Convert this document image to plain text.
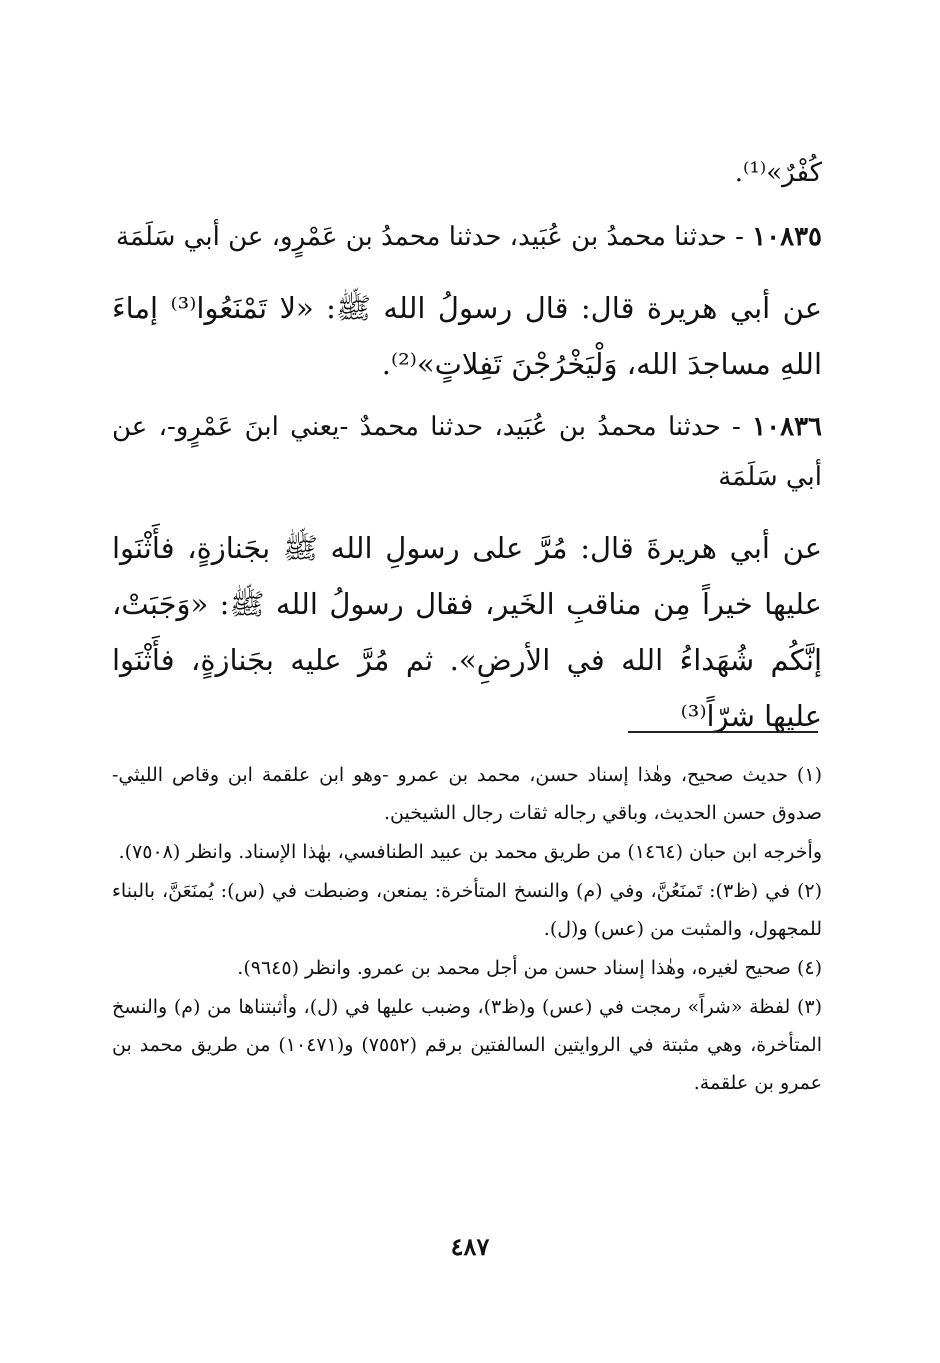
كُفْرٌ»⁽¹⁾.

١٠٨٣٥ - حدثنا محمدُ بن عُبَيد، حدثنا محمدُ بن عَمْرٍو، عن أبي سَلَمَة

عن أبي هريرة قال: قال رسولُ الله ﷺ: «لا تَمْنَعُوا⁽³⁾ إماءَ اللهِ مساجدَ الله، وَلْيَخْرُجْنَ تَفِلاتٍ»⁽²⁾.

١٠٨٣٦ - حدثنا محمدُ بن عُبَيد، حدثنا محمدٌ -يعني ابنَ عَمْرٍو-، عن أبي سَلَمَة

عن أبي هريرةَ قال: مُرَّ على رسولِ الله ﷺ بجَنازةٍ، فأَثْنَوا عليها خيراً مِن مناقبِ الخَير، فقال رسولُ الله ﷺ: «وَجَبَتْ، إنَّكُم شُهَداءُ الله في الأرضِ». ثم مُرَّ عليه بجَنازةٍ، فأَثْنَوا عليها شرّاً⁽³⁾

(١) حديث صحيح، وهٰذا إسناد حسن، محمد بن عمرو -وهو ابن علقمة ابن وقاص الليثي- صدوق حسن الحديث، وباقي رجاله ثقات رجال الشيخين.

وأخرجه ابن حبان (١٤٦٤) من طريق محمد بن عبيد الطنافسي، بهٰذا الإسناد. وانظر (٧٥٠٨).

(٢) في (ظ٣): تَمنَعُنَّ، وفي (م) والنسخ المتأخرة: يمنعن، وضبطت في (س): يُمنَعَنَّ، بالبناء للمجهول، والمثبت من (عس) و(ل).

(٤) صحيح لغيره، وهٰذا إسناد حسن من أجل محمد بن عمرو. وانظر (٩٦٤٥).

(٣) لفظة «شراً» رمجت في (عس) و(ظ٣)، وضبب عليها في (ل)، وأثبتناها من (م) والنسخ المتأخرة، وهي مثبتة في الروايتين السالفتين برقم (٧٥٥٢) و(١٠٤٧١) من طريق محمد بن عمرو بن علقمة.

٤٨٧
